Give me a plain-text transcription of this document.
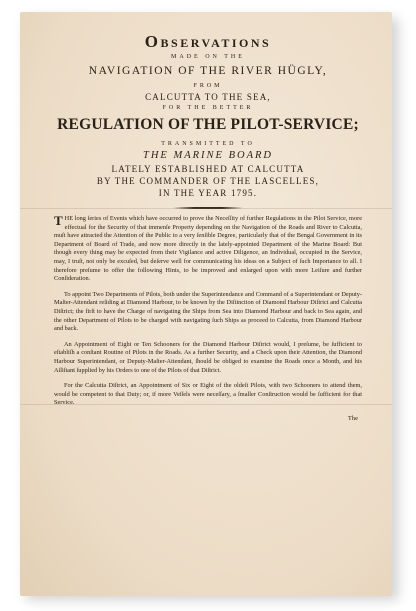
Observations
MADE ON THE
NAVIGATION OF THE RIVER HÜGLY,
FROM
CALCUTTA TO THE SEA,
FOR THE BETTER
REGULATION OF THE PILOT-SERVICE;
TRANSMITTED TO
THE MARINE BOARD
LATELY ESTABLISHED AT CALCUTTA
BY THE COMMANDER OF THE LASCELLES,
IN THE YEAR 1795.

T HE long ſeries of Events which have occurred to prove the Neceſſity of further Regulations in the Pilot Service, more effectual for the Security of that immenſe Property depending on the Navigation of the Roads and River to Calcutta, muſt have attracted the Attention of the Public to a very ſenſible Degree, particularly that of the Bengal Government in its Department of Board of Trade, and now more directly in the lately-appointed Department of the Marine Board: But though every thing may be expected from their Vigilance and active Diligence, an Individual, occupied in the Service, may, I truſt, not only be excuſed, but deſerve well for communicating his ideas on a Subject of ſuch Importance to all. I therefore preſume to offer the following Hints, to be improved and enlarged upon with more Leiſure and further Conſideration.

To appoint Two Departments of Pilots, both under the Superintendance and Command of a Superintendant or Deputy-Maſter-Attendant reſiding at Diamond Harbour, to be known by the Diſtinction of Diamond Harbour Diſtrict and Calcutta Diſtrict; the firſt to have the Charge of navigating the Ships from Sea into Diamond Harbour and back to Sea again, and the other Department of Pilots to be charged with navigating ſuch Ships as proceed to Calcutta, from Diamond Harbour and back.

An Appointment of Eight or Ten Schooners for the Diamond Harbour Diſtrict would, I preſume, be ſufficient to eſtabliſh a conſtant Routine of Pilots in the Roads. As a further Security, and a Check upon their Attention, the Diamond Harbour Superintendant, or Deputy-Maſter-Attendant, ſhould be obliged to examine the Roads once a Month, and his Aſſiſtant ſupplied by his Orders to one of the Pilots of that Diſtrict.

For the Calcutta Diſtrict, an Appointment of Six or Eight of the oldeſt Pilots, with two Schooners to attend them, would be competent to that Duty; or, if more Veſſels were neceſſary, a ſmaller Conſtruction would be ſufficient for that Service.

The
